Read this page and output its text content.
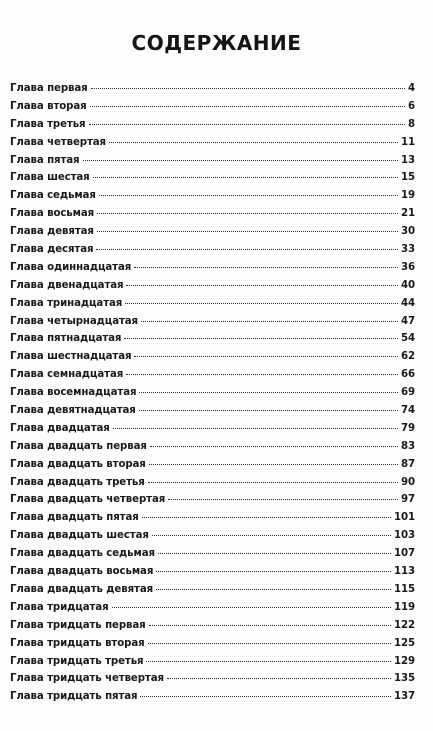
СОДЕРЖАНИЕ
Глава первая	4
Глава вторая	6
Глава третья	8
Глава четвертая	11
Глава пятая	13
Глава шестая	15
Глава седьмая	19
Глава восьмая	21
Глава девятая	30
Глава десятая	33
Глава одиннадцатая	36
Глава двенадцатая	40
Глава тринадцатая	44
Глава четырнадцатая	47
Глава пятнадцатая	54
Глава шестнадцатая	62
Глава семнадцатая	66
Глава восемнадцатая	69
Глава девятнадцатая	74
Глава двадцатая	79
Глава двадцать первая	83
Глава двадцать вторая	87
Глава двадцать третья	90
Глава двадцать четвертая	97
Глава двадцать пятая	101
Глава двадцать шестая	103
Глава двадцать седьмая	107
Глава двадцать восьмая	113
Глава двадцать девятая	115
Глава тридцатая	119
Глава тридцать первая	122
Глава тридцать вторая	125
Глава тридцать третья	129
Глава тридцать четвертая	135
Глава тридцать пятая	137
